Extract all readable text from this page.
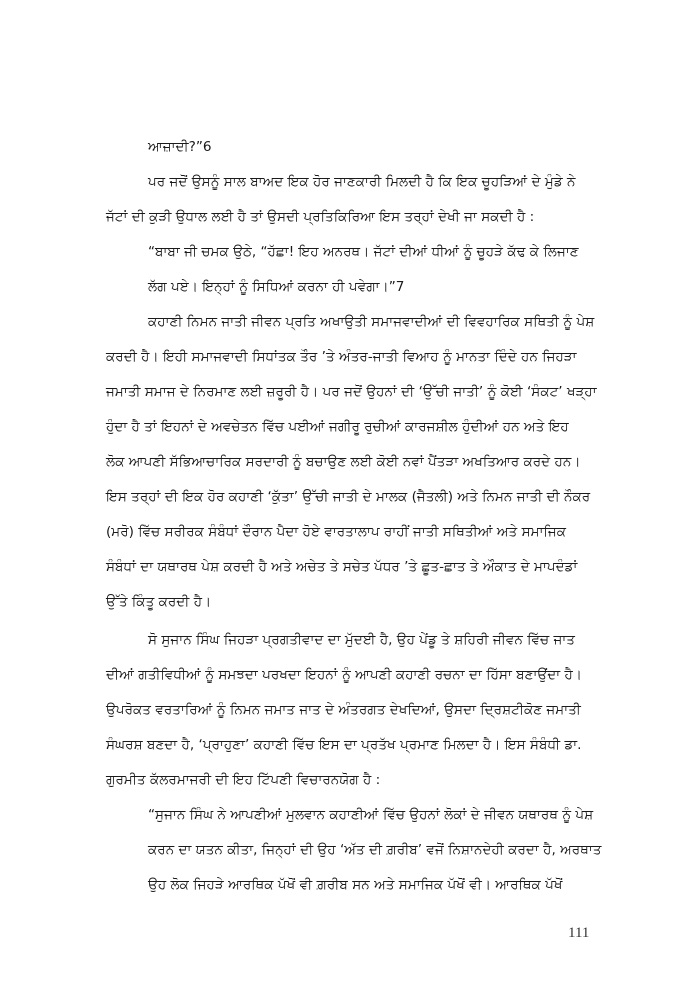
ਆਜ਼ਾਦੀ?”6
ਪਰ ਜਦੋਂ ਉਸਨੂੰ ਸਾਲ ਬਾਅਦ ਇਕ ਹੋਰ ਜਾਣਕਾਰੀ ਮਿਲਦੀ ਹੈ ਕਿ ਇਕ ਚੂਹੜਿਆਂ ਦੇ ਮੁੰਡੇ ਨੇ
ਜੱਟਾਂ ਦੀ ਕੁੜੀ ਉਧਾਲ ਲਈ ਹੈ ਤਾਂ ਉਸਦੀ ਪ੍ਰਤਿਕਿਰਿਆ ਇਸ ਤਰ੍ਹਾਂ ਦੇਖੀ ਜਾ ਸਕਦੀ ਹੈ :
“ਬਾਬਾ ਜੀ ਚਮਕ ਉਠੇ, “ਹੱਛਾ! ਇਹ ਅਨਰਥ। ਜੱਟਾਂ ਦੀਆਂ ਧੀਆਂ ਨੂੰ ਚੂਹੜੇ ਕੱਢ ਕੇ ਲਿਜਾਣ
ਲੱਗ ਪਏ। ਇਨ੍ਹਾਂ ਨੂੰ ਸਿਧਿਆਂ ਕਰਨਾ ਹੀ ਪਵੇਗਾ।”7
ਕਹਾਣੀ ਨਿਮਨ ਜਾਤੀ ਜੀਵਨ ਪ੍ਰਤਿ ਅਖਾਉਤੀ ਸਮਾਜਵਾਦੀਆਂ ਦੀ ਵਿਵਹਾਰਿਕ ਸਥਿਤੀ ਨੂੰ ਪੇਸ਼
ਕਰਦੀ ਹੈ। ਇਹੀ ਸਮਾਜਵਾਦੀ ਸਿਧਾਂਤਕ ਤੌਰ ’ਤੇ ਅੰਤਰ-ਜਾਤੀ ਵਿਆਹ ਨੂੰ ਮਾਨਤਾ ਦਿੰਦੇ ਹਨ ਜਿਹੜਾ
ਜਮਾਤੀ ਸਮਾਜ ਦੇ ਨਿਰਮਾਣ ਲਈ ਜ਼ਰੂਰੀ ਹੈ। ਪਰ ਜਦੋਂ ਉਹਨਾਂ ਦੀ ‘ਉੱਚੀ ਜਾਤੀ’ ਨੂੰ ਕੋਈ ‘ਸੰਕਟ’ ਖੜ੍ਹਾ
ਹੁੰਦਾ ਹੈ ਤਾਂ ਇਹਨਾਂ ਦੇ ਅਵਚੇਤਨ ਵਿੱਚ ਪਈਆਂ ਜਗੀਰੂ ਰੁਚੀਆਂ ਕਾਰਜਸ਼ੀਲ ਹੁੰਦੀਆਂ ਹਨ ਅਤੇ ਇਹ
ਲੋਕ ਆਪਣੀ ਸੱਭਿਆਚਾਰਿਕ ਸਰਦਾਰੀ ਨੂੰ ਬਚਾਉਣ ਲਈ ਕੋਈ ਨਵਾਂ ਪੈਂਤੜਾ ਅਖਤਿਆਰ ਕਰਦੇ ਹਨ।
ਇਸ ਤਰ੍ਹਾਂ ਦੀ ਇਕ ਹੋਰ ਕਹਾਣੀ ‘ਕੁੱਤਾ’ ਉੱਚੀ ਜਾਤੀ ਦੇ ਮਾਲਕ (ਜੈਤਲੀ) ਅਤੇ ਨਿਮਨ ਜਾਤੀ ਦੀ ਨੌਕਰ
(ਮਰੋ) ਵਿੱਚ ਸਰੀਰਕ ਸੰਬੰਧਾਂ ਦੌਰਾਨ ਪੈਦਾ ਹੋਏ ਵਾਰਤਾਲਾਪ ਰਾਹੀਂ ਜਾਤੀ ਸਥਿਤੀਆਂ ਅਤੇ ਸਮਾਜਿਕ
ਸੰਬੰਧਾਂ ਦਾ ਯਥਾਰਥ ਪੇਸ਼ ਕਰਦੀ ਹੈ ਅਤੇ ਅਚੇਤ ਤੇ ਸਚੇਤ ਪੱਧਰ ’ਤੇ ਛੂਤ-ਛਾਤ ਤੇ ਔਕਾਤ ਦੇ ਮਾਪਦੰਡਾਂ
ਉੱਤੇ ਕਿੰਤੂ ਕਰਦੀ ਹੈ।
ਸੋ ਸੁਜਾਨ ਸਿੰਘ ਜਿਹੜਾ ਪ੍ਰਗਤੀਵਾਦ ਦਾ ਮੁੱਦਈ ਹੈ, ਉਹ ਪੇਂਡੂ ਤੇ ਸ਼ਹਿਰੀ ਜੀਵਨ ਵਿੱਚ ਜਾਤ
ਦੀਆਂ ਗਤੀਵਿਧੀਆਂ ਨੂੰ ਸਮਝਦਾ ਪਰਖਦਾ ਇਹਨਾਂ ਨੂੰ ਆਪਣੀ ਕਹਾਣੀ ਰਚਨਾ ਦਾ ਹਿੱਸਾ ਬਣਾਉਂਦਾ ਹੈ।
ਉਪਰੋਕਤ ਵਰਤਾਰਿਆਂ ਨੂੰ ਨਿਮਨ ਜਮਾਤ ਜਾਤ ਦੇ ਅੰਤਰਗਤ ਦੇਖਦਿਆਂ, ਉਸਦਾ ਦ੍ਰਿਸ਼ਟੀਕੋਣ ਜਮਾਤੀ
ਸੰਘਰਸ਼ ਬਣਦਾ ਹੈ, ‘ਪ੍ਰਾਹੁਣਾ’ ਕਹਾਣੀ ਵਿੱਚ ਇਸ ਦਾ ਪ੍ਰਤੱਖ ਪ੍ਰਮਾਣ ਮਿਲਦਾ ਹੈ। ਇਸ ਸੰਬੰਧੀ ਡਾ.
ਗੁਰਮੀਤ ਕੱਲਰਮਾਜਰੀ ਦੀ ਇਹ ਟਿੱਪਣੀ ਵਿਚਾਰਨਯੋਗ ਹੈ :
“ਸੁਜਾਨ ਸਿੰਘ ਨੇ ਆਪਣੀਆਂ ਮੁਲਵਾਨ ਕਹਾਣੀਆਂ ਵਿੱਚ ਉਹਨਾਂ ਲੋਕਾਂ ਦੇ ਜੀਵਨ ਯਥਾਰਥ ਨੂੰ ਪੇਸ਼
ਕਰਨ ਦਾ ਯਤਨ ਕੀਤਾ, ਜਿਨ੍ਹਾਂ ਦੀ ਉਹ ‘ਅੱਤ ਦੀ ਗ਼ਰੀਬ’ ਵਜੋਂ ਨਿਸ਼ਾਨਦੇਹੀ ਕਰਦਾ ਹੈ, ਅਰਥਾਤ
ਉਹ ਲੋਕ ਜਿਹੜੇ ਆਰਥਿਕ ਪੱਖੋਂ ਵੀ ਗ਼ਰੀਬ ਸਨ ਅਤੇ ਸਮਾਜਿਕ ਪੱਖੋਂ ਵੀ। ਆਰਥਿਕ ਪੱਖੋਂ
111
